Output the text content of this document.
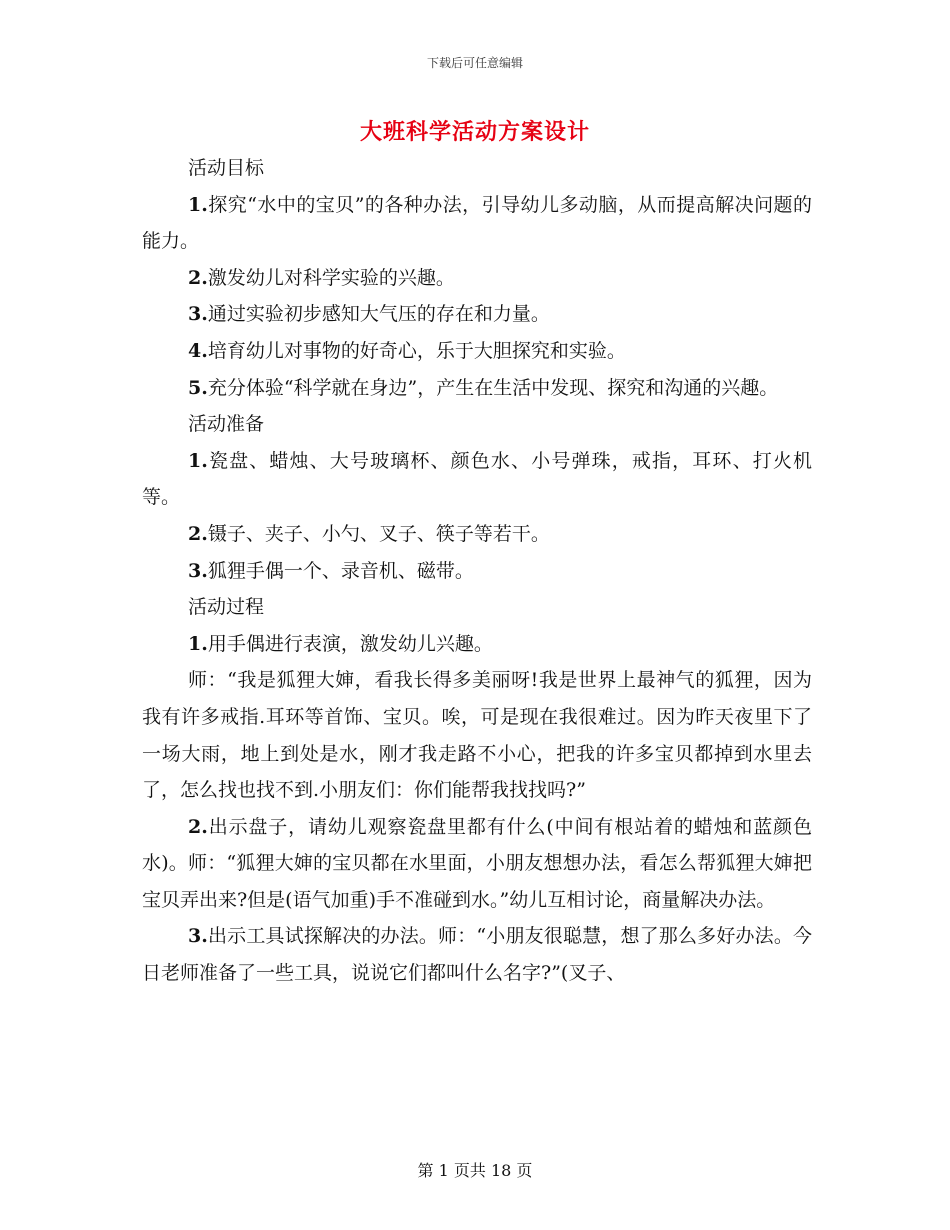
下载后可任意编辑
大班科学活动方案设计

活动目标

1.探究“水中的宝贝”的各种办法，引导幼儿多动脑，从而提高解决问题的能力。

2.激发幼儿对科学实验的兴趣。

3.通过实验初步感知大气压的存在和力量。

4.培育幼儿对事物的好奇心，乐于大胆探究和实验。

5.充分体验“科学就在身边”，产生在生活中发现、探究和沟通的兴趣。

活动准备

1.瓷盘、蜡烛、大号玻璃杯、颜色水、小号弹珠，戒指，耳环、打火机等。

2.镊子、夹子、小勺、叉子、筷子等若干。

3.狐狸手偶一个、录音机、磁带。

活动过程

1.用手偶进行表演，激发幼儿兴趣。

师：“我是狐狸大婶，看我长得多美丽呀!我是世界上最神气的狐狸，因为我有许多戒指.耳环等首饰、宝贝。唉，可是现在我很难过。因为昨天夜里下了一场大雨，地上到处是水，刚才我走路不小心，把我的许多宝贝都掉到水里去了，怎么找也找不到.小朋友们：你们能帮我找找吗?”

2.出示盘子，请幼儿观察瓷盘里都有什么(中间有根站着的蜡烛和蓝颜色水)。师：“狐狸大婶的宝贝都在水里面，小朋友想想办法，看怎么帮狐狸大婶把宝贝弄出来?但是(语气加重)手不准碰到水。”幼儿互相讨论，商量解决办法。

3.出示工具试探解决的办法。师：“小朋友很聪慧，想了那么多好办法。今日老师准备了一些工具，说说它们都叫什么名字?”(叉子、

第 1 页共 18 页
